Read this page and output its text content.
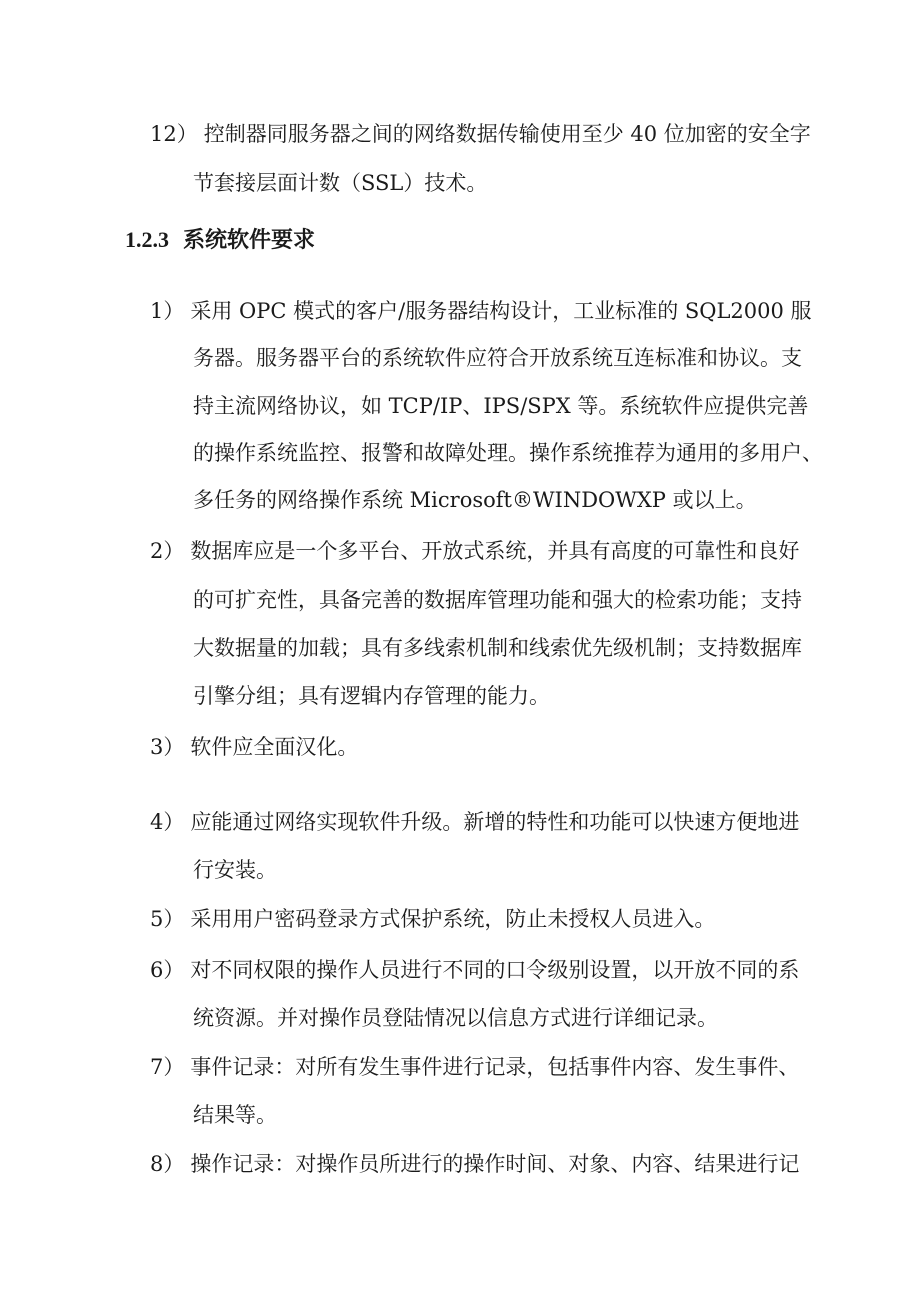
12） 控制器同服务器之间的网络数据传输使用至少 40 位加密的安全字

节套接层面计数（SSL）技术。

1.2.3 系统软件要求

1） 采用 OPC 模式的客户/服务器结构设计，工业标准的 SQL2000 服

务器。服务器平台的系统软件应符合开放系统互连标准和协议。支

持主流网络协议，如 TCP/IP、IPS/SPX 等。系统软件应提供完善

的操作系统监控、报警和故障处理。操作系统推荐为通用的多用户、

多任务的网络操作系统 Microsoft®WINDOWXP 或以上。

2） 数据库应是一个多平台、开放式系统，并具有高度的可靠性和良好

的可扩充性，具备完善的数据库管理功能和强大的检索功能；支持

大数据量的加载；具有多线索机制和线索优先级机制；支持数据库

引擎分组；具有逻辑内存管理的能力。

3） 软件应全面汉化。

4） 应能通过网络实现软件升级。新增的特性和功能可以快速方便地进

行安装。

5） 采用用户密码登录方式保护系统，防止未授权人员进入。

6） 对不同权限的操作人员进行不同的口令级别设置，以开放不同的系

统资源。并对操作员登陆情况以信息方式进行详细记录。

7） 事件记录：对所有发生事件进行记录，包括事件内容、发生事件、

结果等。

8） 操作记录：对操作员所进行的操作时间、对象、内容、结果进行记
